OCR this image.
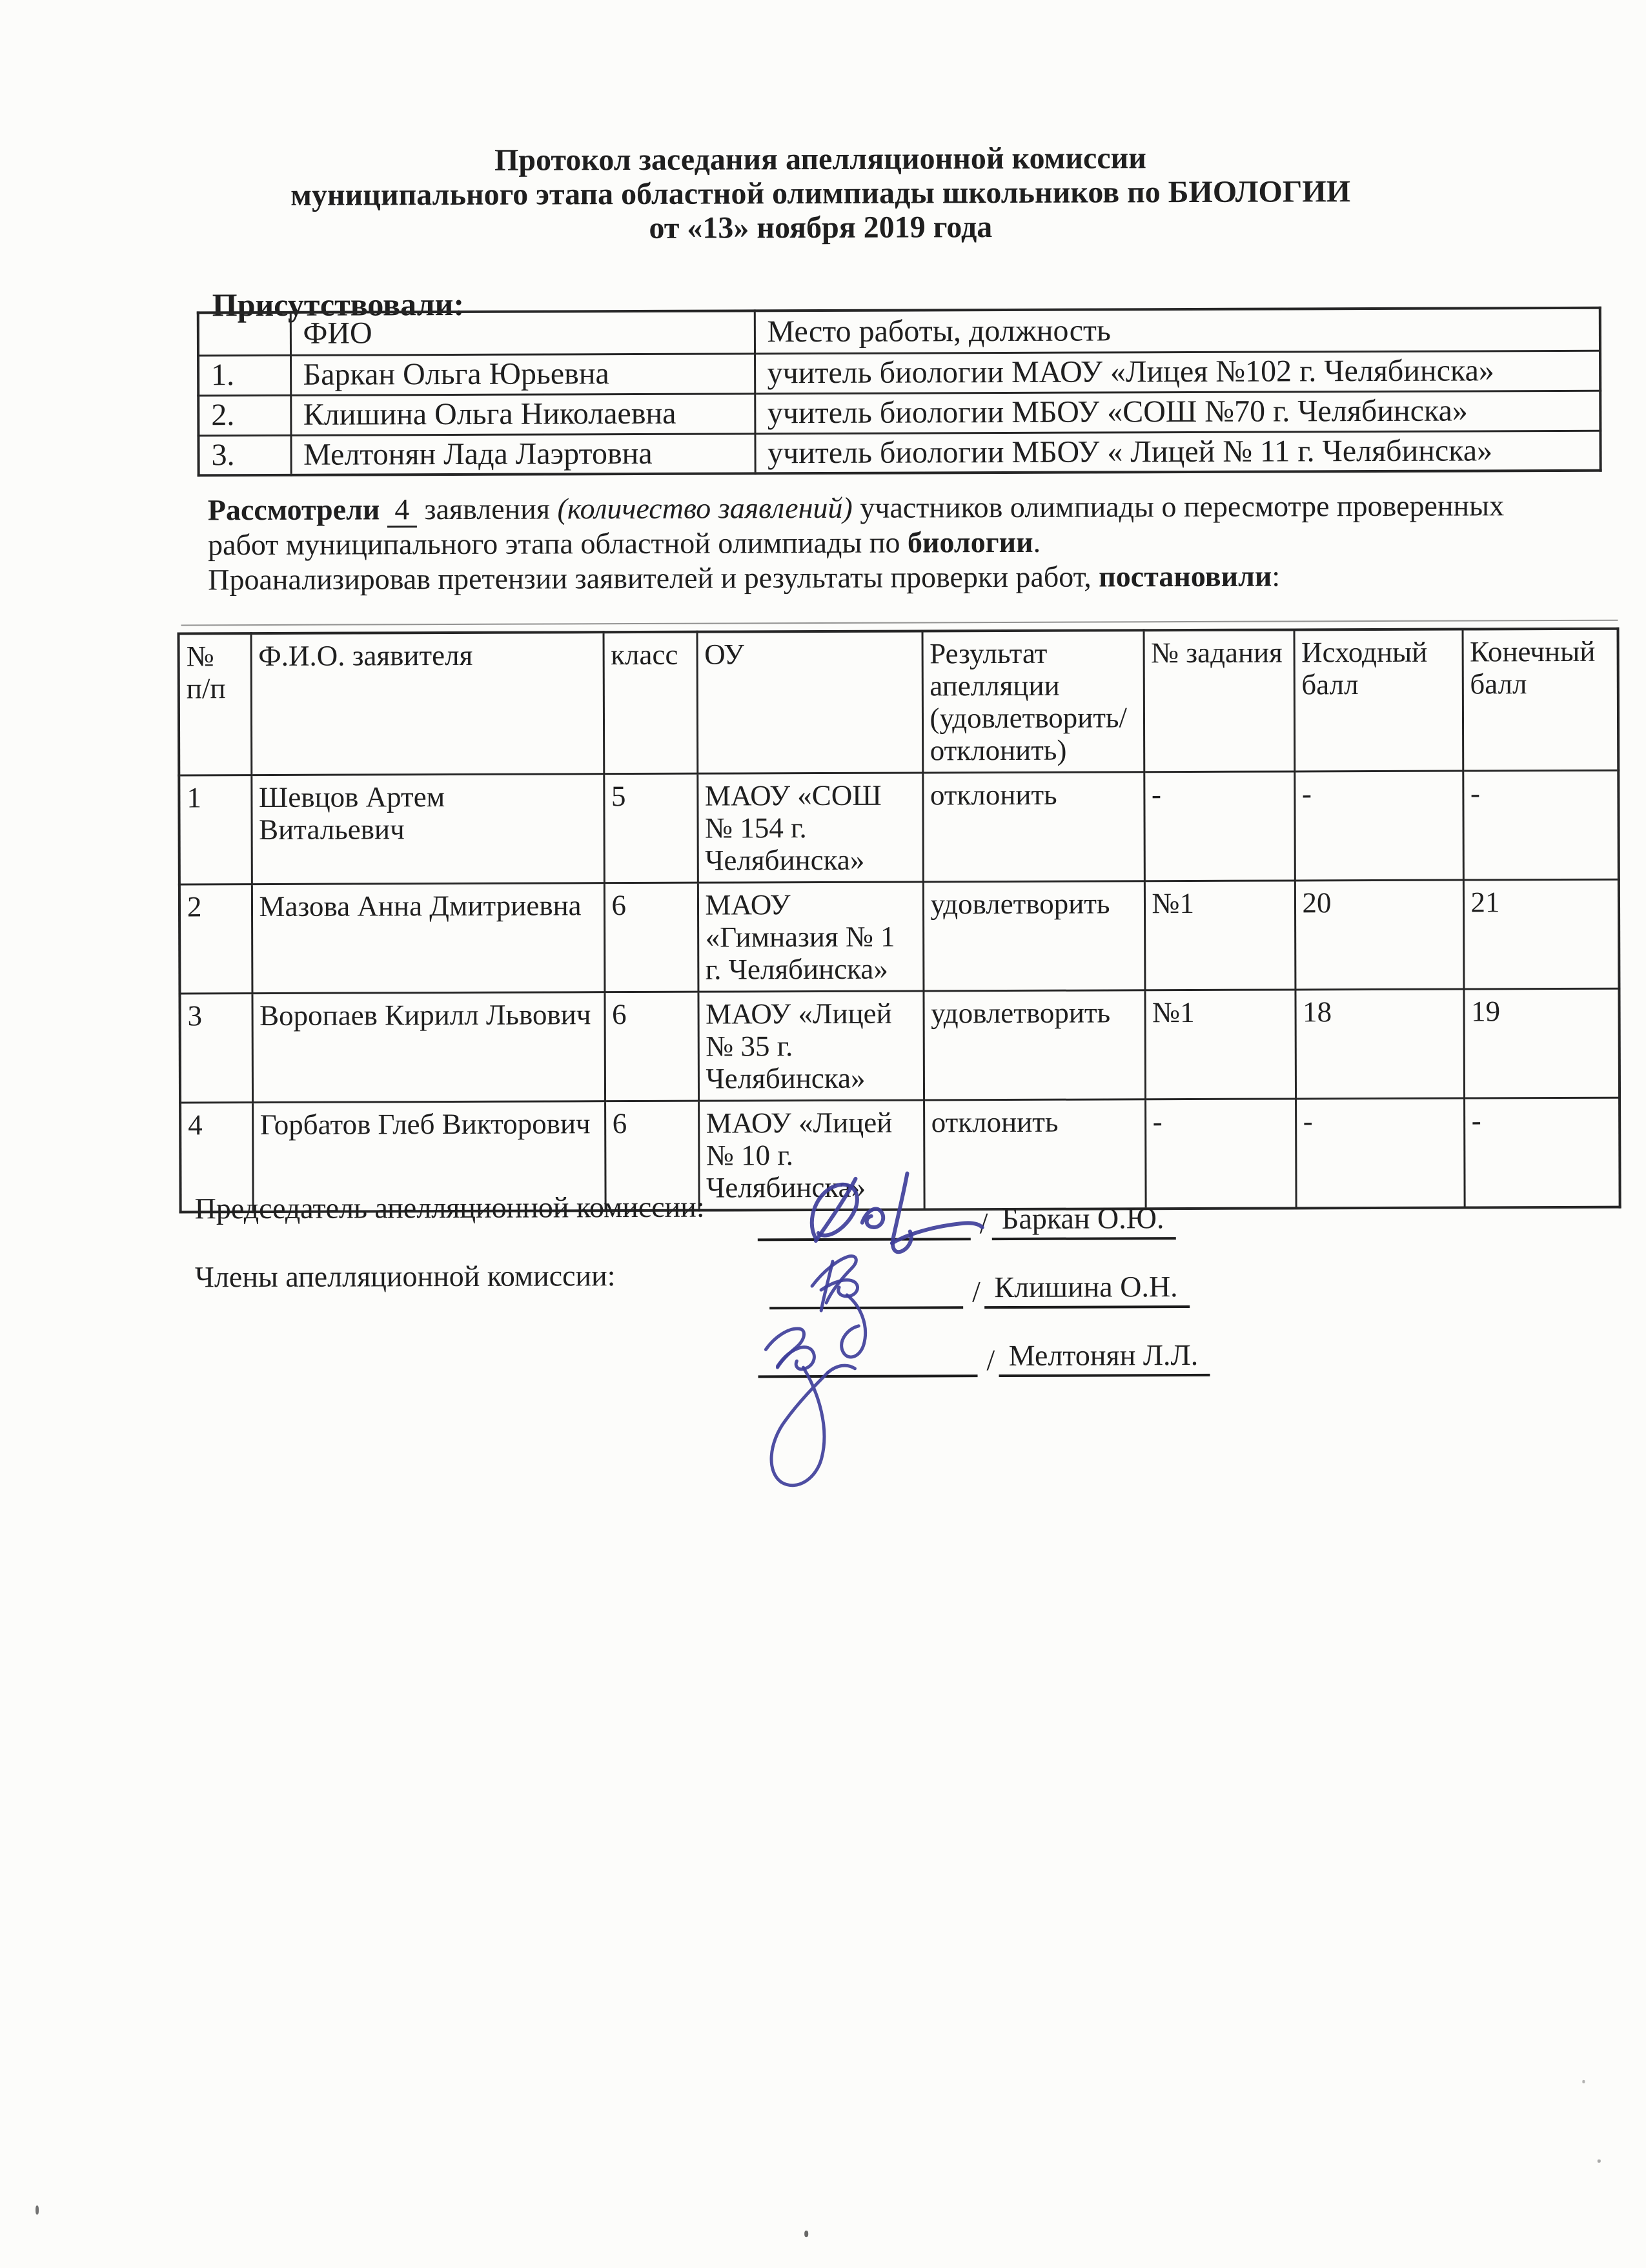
Протокол заседания апелляционной комиссии
муниципального этапа областной олимпиады школьников по БИОЛОГИИ
от «13» ноября 2019 года
Присутствовали:
	ФИО	Место работы, должность
1.	Баркан Ольга Юрьевна	учитель биологии МАОУ «Лицея №102 г. Челябинска»
2.	Клишина Ольга Николаевна	учитель биологии МБОУ «СОШ №70 г. Челябинска»
3.	Мелтонян Лада Лаэртовна	учитель биологии МБОУ « Лицей № 11 г. Челябинска»

Рассмотрели  4  заявления (количество заявлений) участников олимпиады о пересмотре проверенных работ муниципального этапа областной олимпиады по биологии.

Проанализировав претензии заявителей и результаты проверки работ, постановили:

№
п/п	Ф.И.О. заявителя	класс	ОУ	Результат
апелляции
(удовлетворить/
отклонить)	№ задания	Исходный
балл	Конечный
балл
1	Шевцов Артем Витальевич	5	МАОУ «СОШ
№ 154 г.
Челябинска»	отклонить	-	-	-
2	Мазова Анна Дмитриевна	6	МАОУ
«Гимназия № 1
г. Челябинска»	удовлетворить	№1	20	21
3	Воропаев Кирилл Львович	6	МАОУ «Лицей
№ 35 г.
Челябинска»	удовлетворить	№1	18	19
4	Горбатов Глеб Викторович	6	МАОУ «Лицей
№ 10 г.
Челябинска»	отклонить	-	-	-
Председатель апелляционной комиссии:
Члены апелляционной комиссии:
/ Баркан О.Ю.
/ Клишина О.Н.
/ Мелтонян Л.Л.
